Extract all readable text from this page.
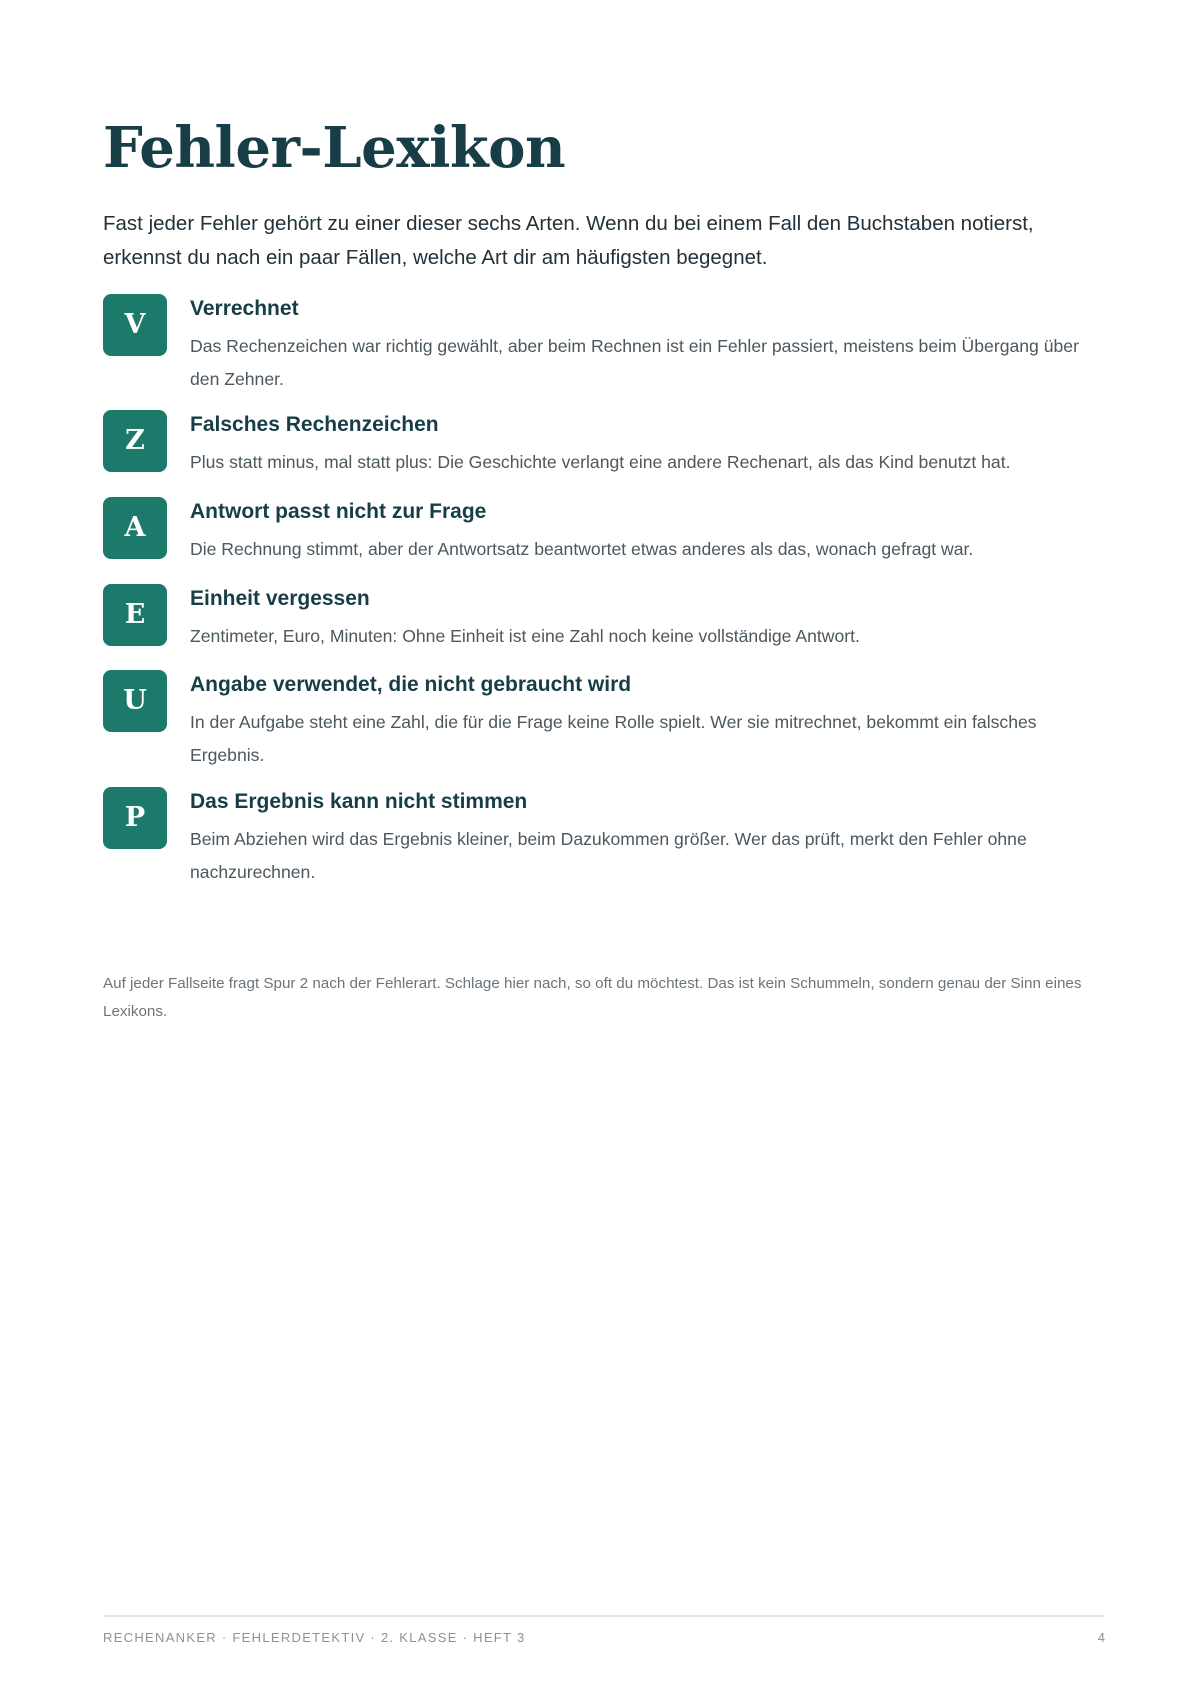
Fehler-Lexikon

Fast jeder Fehler gehört zu einer dieser sechs Arten. Wenn du bei einem Fall den Buchstaben notierst, erkennst du nach ein paar Fällen, welche Art dir am häufigsten begegnet.

V
Verrechnet

Das Rechenzeichen war richtig gewählt, aber beim Rechnen ist ein Fehler passiert, meistens beim Übergang über den Zehner.

Z
Falsches Rechenzeichen

Plus statt minus, mal statt plus: Die Geschichte verlangt eine andere Rechenart, als das Kind benutzt hat.

A
Antwort passt nicht zur Frage

Die Rechnung stimmt, aber der Antwortsatz beantwortet etwas anderes als das, wonach gefragt war.

E
Einheit vergessen

Zentimeter, Euro, Minuten: Ohne Einheit ist eine Zahl noch keine vollständige Antwort.

U
Angabe verwendet, die nicht gebraucht wird

In der Aufgabe steht eine Zahl, die für die Frage keine Rolle spielt. Wer sie mitrechnet, bekommt ein falsches Ergebnis.

P
Das Ergebnis kann nicht stimmen

Beim Abziehen wird das Ergebnis kleiner, beim Dazukommen größer. Wer das prüft, merkt den Fehler ohne nachzurechnen.

Auf jeder Fallseite fragt Spur 2 nach der Fehlerart. Schlage hier nach, so oft du möchtest. Das ist kein Schummeln, sondern genau der Sinn eines Lexikons.

RECHENANKER · FEHLERDETEKTIV · 2. KLASSE · HEFT 3	4
